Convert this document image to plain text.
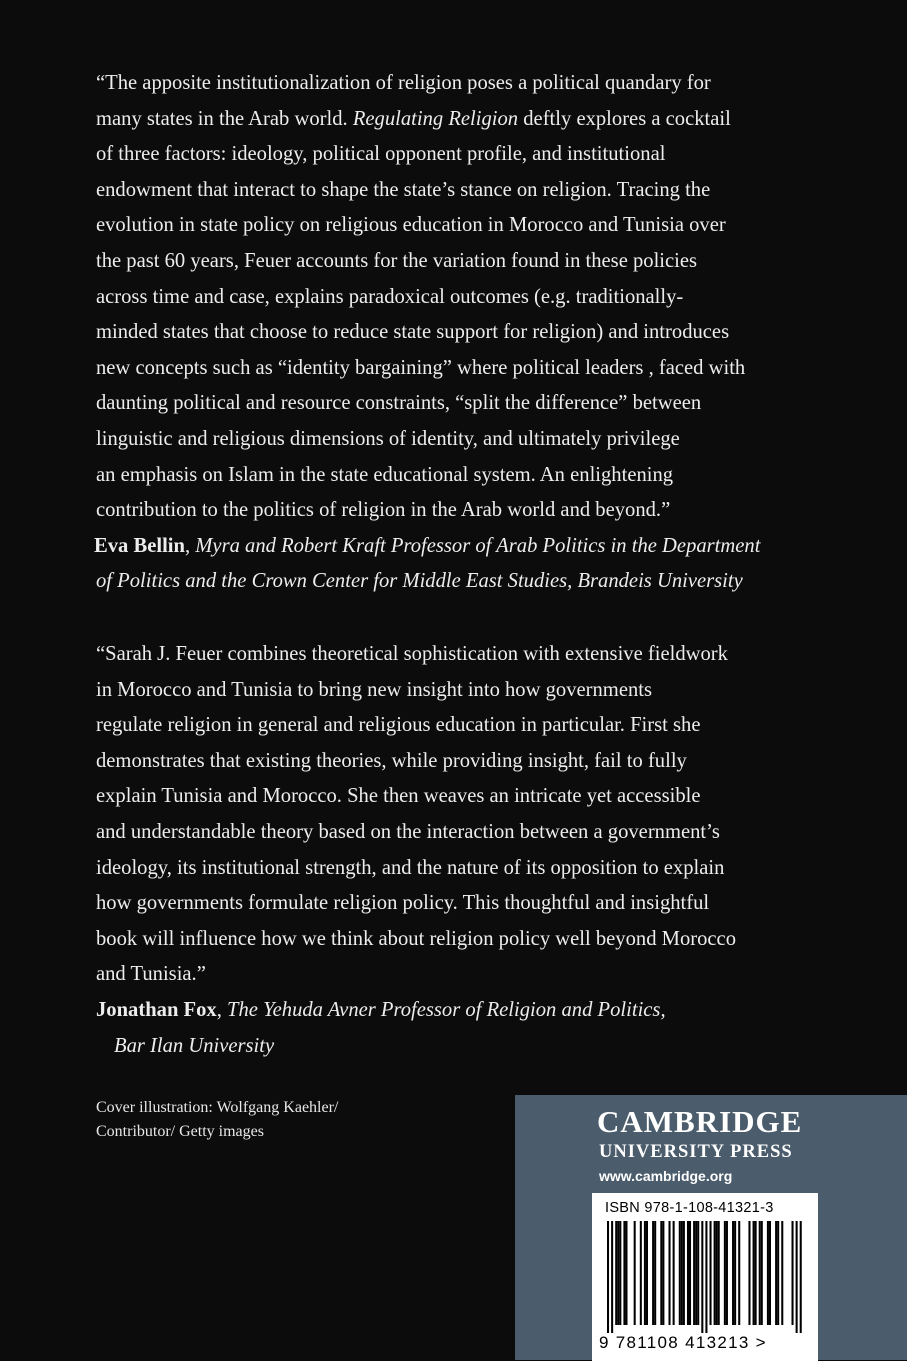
“The apposite institutionalization of religion poses a political quandary for
many states in the Arab world. Regulating Religion deftly explores a cocktail
of three factors: ideology, political opponent profile, and institutional
endowment that interact to shape the state’s stance on religion. Tracing the
evolution in state policy on religious education in Morocco and Tunisia over
the past 60 years, Feuer accounts for the variation found in these policies
across time and case, explains paradoxical outcomes (e.g. traditionally-
minded states that choose to reduce state support for religion) and introduces
new concepts such as “identity bargaining” where political leaders , faced with
daunting political and resource constraints, “split the difference” between
linguistic and religious dimensions of identity, and ultimately privilege
an emphasis on Islam in the state educational system. An enlightening
contribution to the politics of religion in the Arab world and beyond.”
Eva Bellin, Myra and Robert Kraft Professor of Arab Politics in the Department
of Politics and the Crown Center for Middle East Studies, Brandeis University

“Sarah J. Feuer combines theoretical sophistication with extensive fieldwork
in Morocco and Tunisia to bring new insight into how governments
regulate religion in general and religious education in particular. First she
demonstrates that existing theories, while providing insight, fail to fully
explain Tunisia and Morocco. She then weaves an intricate yet accessible
and understandable theory based on the interaction between a government’s
ideology, its institutional strength, and the nature of its opposition to explain
how governments formulate religion policy. This thoughtful and insightful
book will influence how we think about religion policy well beyond Morocco
and Tunisia.”
Jonathan Fox, The Yehuda Avner Professor of Religion and Politics,
Bar Ilan University

Cover illustration: Wolfgang Kaehler/
Contributor/ Getty images	CAMBRIDGE
UNIVERSITY PRESS
www.cambridge.org
ISBN 978-1-108-41321-3
9 781108 413213 >
